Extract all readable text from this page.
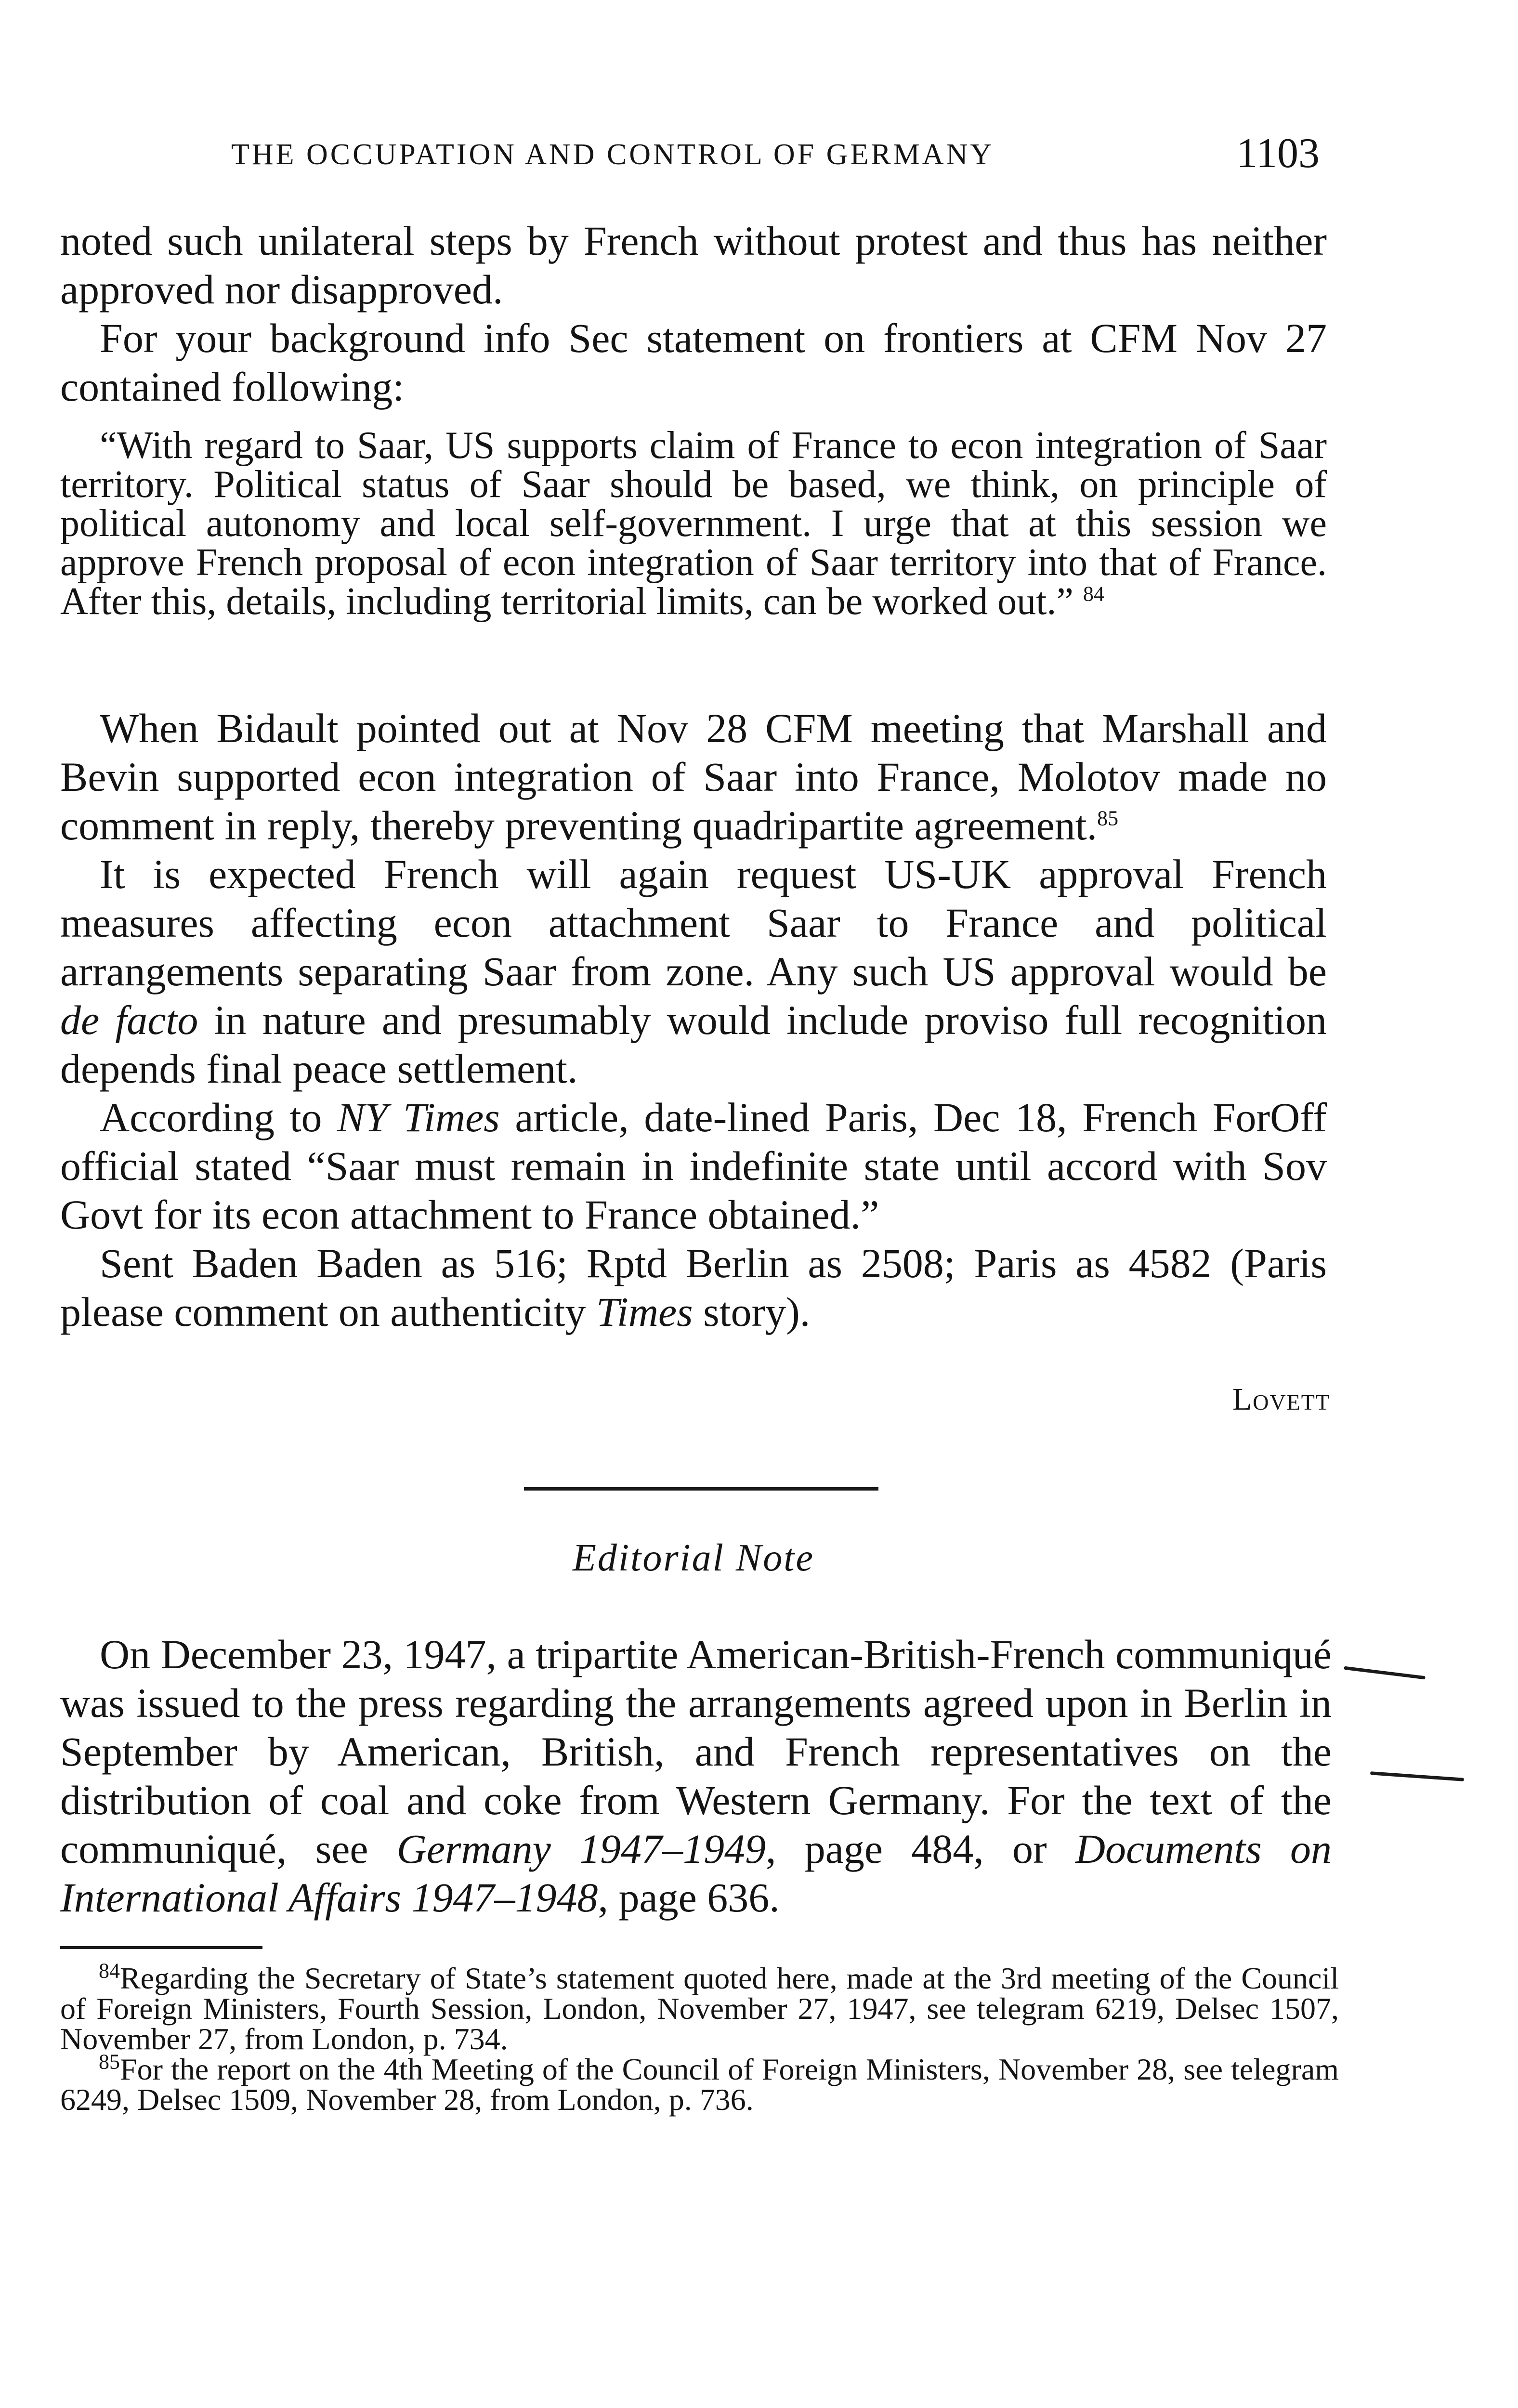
THE OCCUPATION AND CONTROL OF GERMANY	1103

noted such unilateral steps by French without protest and thus has neither approved nor disapproved.

For your background info Sec statement on frontiers at CFM Nov 27 contained following:

“With regard to Saar, US supports claim of France to econ integration of Saar territory. Political status of Saar should be based, we think, on principle of political autonomy and local self-government. I urge that at this session we approve French proposal of econ integration of Saar territory into that of France. After this, details, including territorial limits, can be worked out.” $^{84}$

When Bidault pointed out at Nov 28 CFM meeting that Marshall and Bevin supported econ integration of Saar into France, Molotov made no comment in reply, thereby preventing quadripartite agreement.$^{85}$

It is expected French will again request US-UK approval French measures affecting econ attachment Saar to France and political arrangements separating Saar from zone. Any such US approval would be de facto in nature and presumably would include proviso full recognition depends final peace settlement.

According to NY Times article, date-lined Paris, Dec 18, French ForOff official stated “Saar must remain in indefinite state until accord with Sov Govt for its econ attachment to France obtained.”

Sent Baden Baden as 516; Rptd Berlin as 2508; Paris as 4582 (Paris please comment on authenticity Times story).

Lovett
Editorial Note

On December 23, 1947, a tripartite American-British-French communiqué was issued to the press regarding the arrangements agreed upon in Berlin in September by American, British, and French representatives on the distribution of coal and coke from Western Germany. For the text of the communiqué, see Germany 1947–1949, page 484, or Documents on International Affairs 1947–1948, page 636.

$^{84}$Regarding the Secretary of State’s statement quoted here, made at the 3rd meeting of the Council of Foreign Ministers, Fourth Session, London, November 27, 1947, see telegram 6219, Delsec 1507, November 27, from London, p. 734.

$^{85}$For the report on the 4th Meeting of the Council of Foreign Ministers, November 28, see telegram 6249, Delsec 1509, November 28, from London, p. 736.
